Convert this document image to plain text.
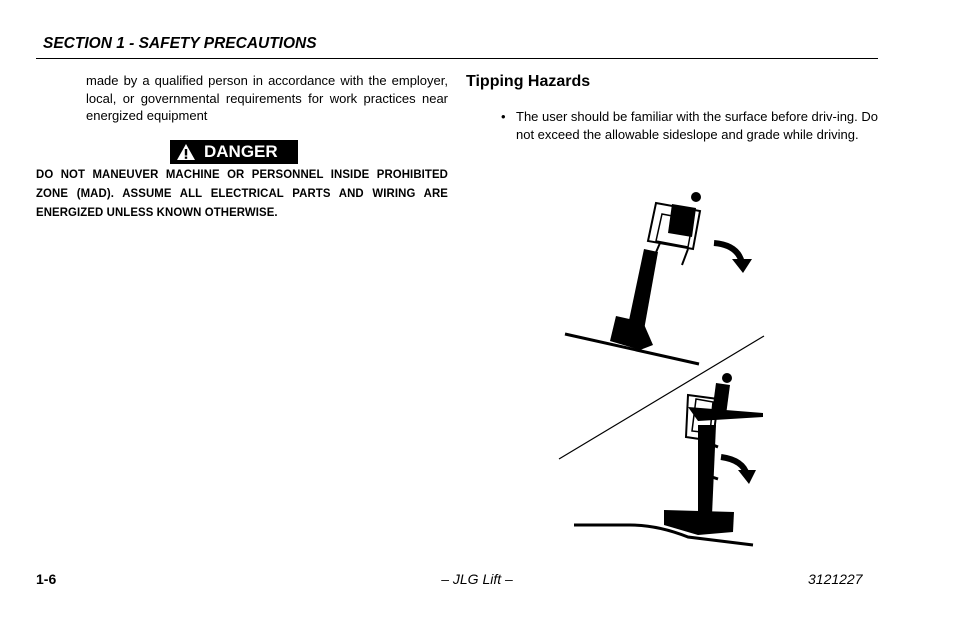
SECTION 1 - SAFETY PRECAUTIONS
made by a qualified person in accordance with the employer, local, or governmental requirements for work practices near energized equipment
DANGER
DO NOT MANEUVER MACHINE OR PERSONNEL INSIDE PROHIBITED ZONE (MAD). ASSUME ALL ELECTRICAL PARTS AND WIRING ARE ENERGIZED UNLESS KNOWN OTHERWISE.
Tipping Hazards
• The user should be familiar with the surface before driv-ing. Do not exceed the allowable sideslope and grade while driving.
1-6	– JLG Lift –	3121227
